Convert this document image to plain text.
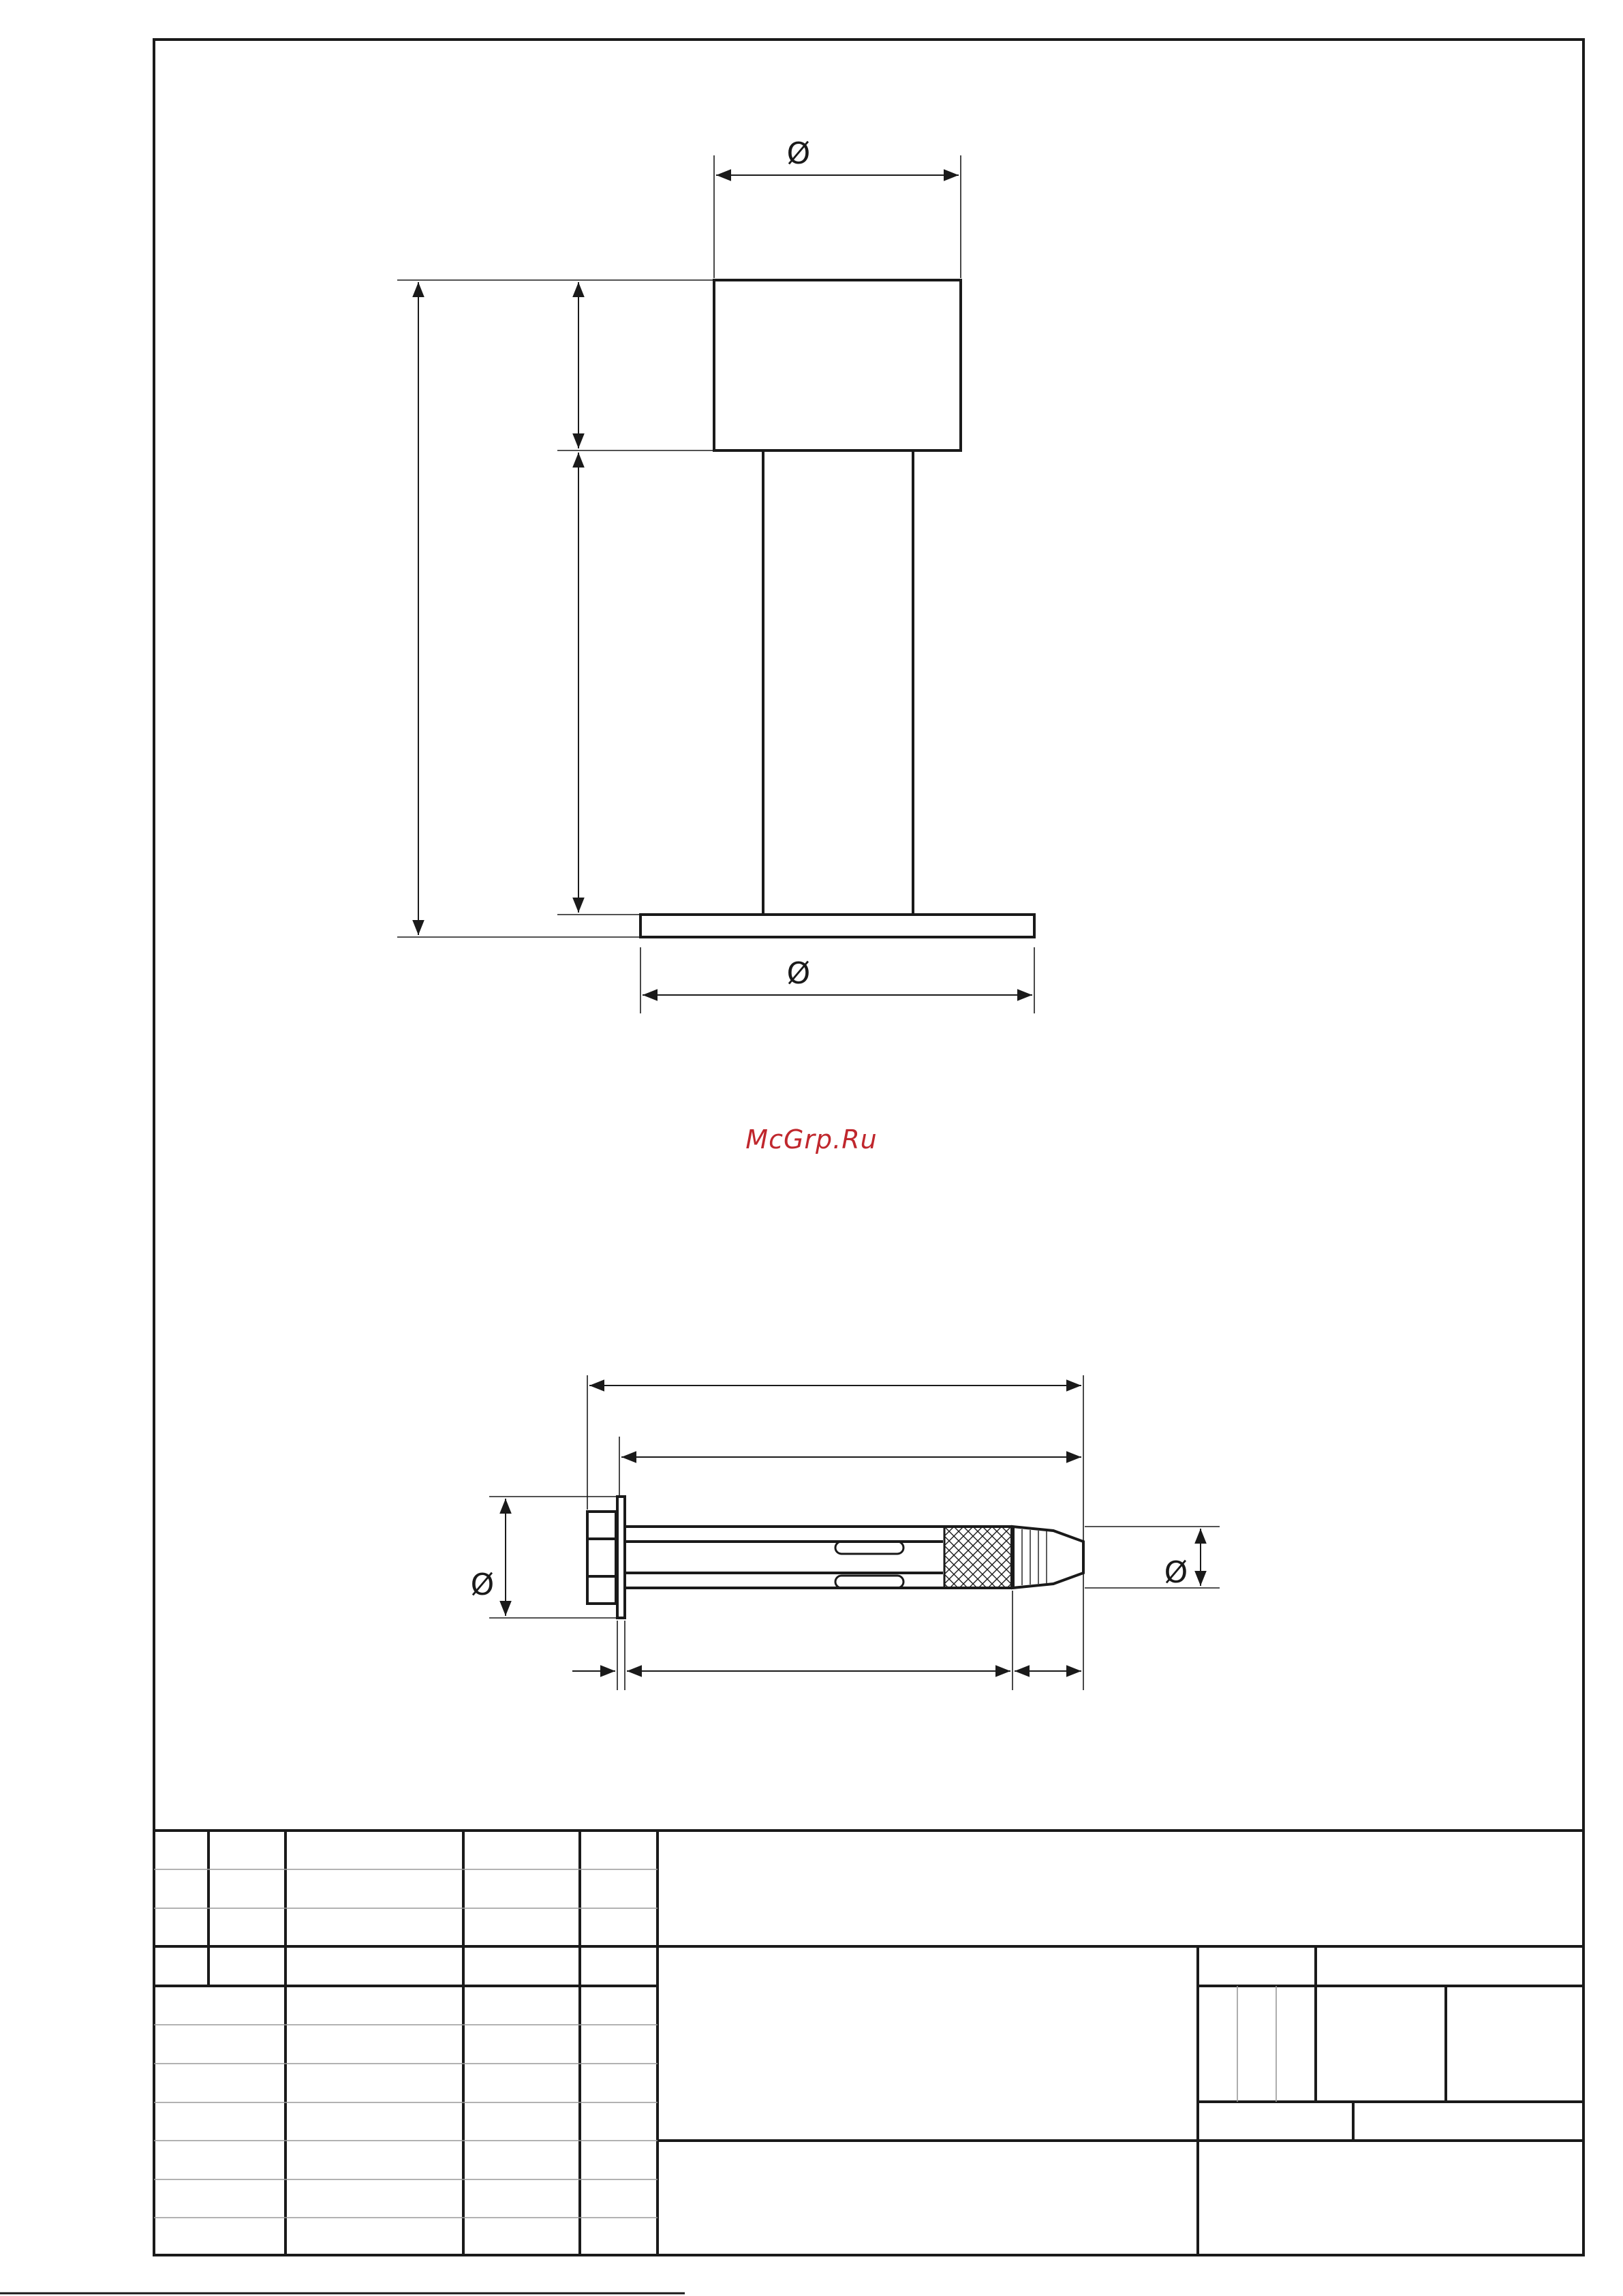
Ø
Ø
Ø	Ø
McGrp.Ru
